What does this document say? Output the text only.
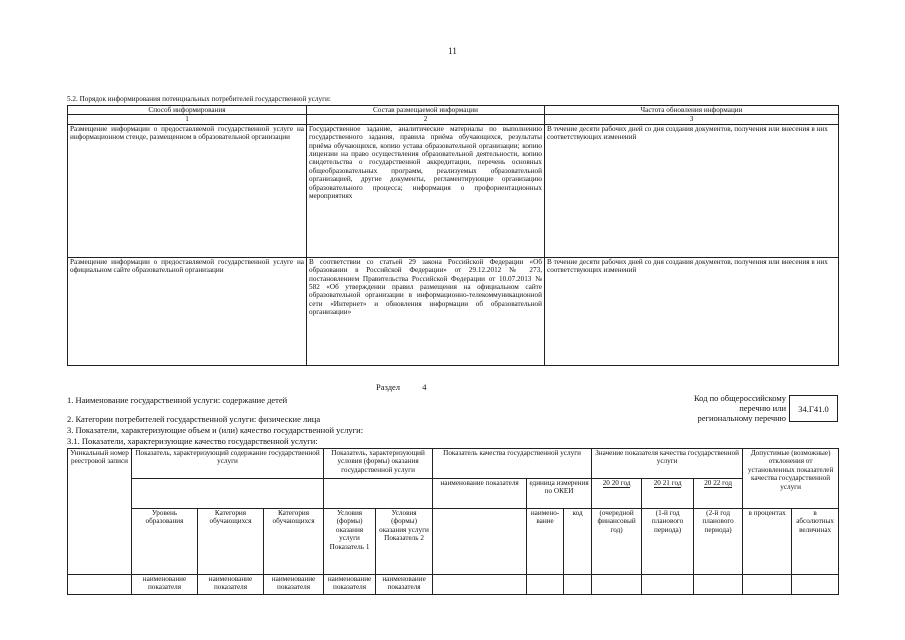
11
5.2. Порядок информирования потенциальных потребителей государственной услуги:
Способ информирования	Состав размещаемой информации	Частота обновления информации
1	2	3
Размещение информации о предоставляемой государственной услуге на информационном стенде, размещенном в образовательной организации	Государственное задание, аналитические материалы по выполнению государственного задания, правила приёма обучающихся, результаты приёма обучающихся, копию устава образовательной организации; копию лицензии на право осуществления образовательной деятельности, копию свидетельства о государственной аккредитации, перечень основных общеобразовательных программ, реализуемых образовательной организацией, другие документы, регламентирующие организацию образовательного процесса; информация о профориентационных мероприятиях	В течение десяти рабочих дней со дня создания документов, получения или внесения в них соответствующих изменений
Размещение информации о предоставляемой государственной услуге на официальном сайте образовательной организации	В соответствии со статьей 29 закона Российской Федерации «Об образовании в Российской Федерации» от 29.12.2012 № 273, постановлением Правительства Российской Федерации от 10.07.2013 № 582 «Об утверждении правил размещения на официальном сайте образовательной организации в информационно-телекоммуникационной сети «Интернет» и обновления информации об образовательной организации»	В течение десяти рабочих дней со дня создания документов, получения или внесения в них соответствующих изменений
Раздел	4
1. Наименование государственной услуги: содержание детей	Код по общероссийскому
перечню или
региональному перечню
34.Г41.0
2. Категории потребителей государственной услуги: физические лица
3. Показатели, характеризующие объем и (или) качество государственной услуги:
3.1. Показатели, характеризующие качество государственной услуги:
Уникальный номер реестровой записи	Показатель, характеризующий содержание государственной услуги			Показатель, характеризующий условия (формы) оказания государственной услуги		Показатель качества государственной услуги			Значение показателя качества государственной услуги			Допустимые (возможные) отклонения от установленных показателей качества государственной услуги	
						наименование показателя	единица измерения по ОКЕИ		20 20 год	20 21 год	20 22 год		
	Уровень образования	Категория обучающихся	Категория обучающихся	Условия (формы) оказания услуги Показатель 1	Условия (формы) оказания услуги Показатель 2		наимено-вание	код	(очередной финансовый год)	(1-й год планового периода)	(2-й год планового периода)	в процентах	в абсолютных величинах
	наименование показателя	наименование показателя	наименование показателя	наименование показателя	наименование показателя								
